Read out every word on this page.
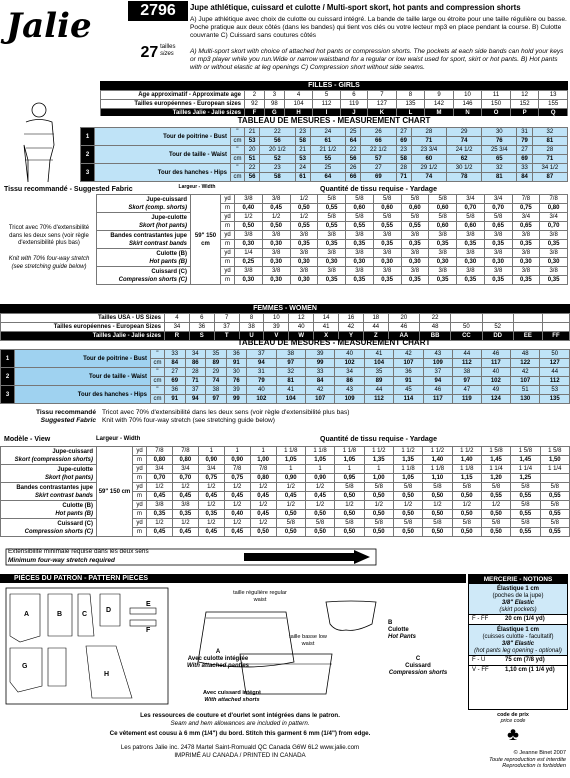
Jalie	2796
27 tailles
sizes
Jupe athlétique, cuissard et culotte / Multi-sport skort, hot pants and compression shorts
A) Jupe athlétique avec choix de culotte ou cuissard intégré. La bande de taille large ou étroite pour une taille régulière ou basse. Poche pratique aux deux côtés (dans les bandes) qui tient vos clés ou votre lecteur mp3 en place pendant la course. B) Culotte couvrante C) Cuissard sans coutures côtés
A) Multi-sport skort with choice of attached hot pants or compression shorts. The pockets at each side bands can hold your keys or mp3 player while you run.Wide or narrow waistband for a regular or low waist used for sport, skirt or hot pants. B) Hot pants with or without elastic at leg openings C) Compression short without side seams.
FILLES - GIRLS
Âge approximatif - Approximate age	2	3	4	5	6	7	8	9	10	11	12	13
Tailles européennes - European sizes	92	98	104	112	119	127	135	142	146	150	152	155
Tailles Jalie - Jalie sizes	F	G	H	I	J	K	L	M	N	O	P	Q
TABLEAU DE MESURES - MEASUREMENT CHART
1	Tour de poitrine - Bust	"	21	22	23	24	25	26	27	28	29	30	31	32
		cm	53	56	58	61	64	66	69	71	74	76	79	81
2	Tour de taille - Waist	"	20	20 1/2	21	21 1/2	22	22 1/2	23	23 3/4	24 1/2	25 3/4	27	28
		cm	51	52	53	55	56	57	58	60	62	65	69	71
3	Tour des hanches - Hips	"	22	23	24	25	26	27	28	29 1/2	30 1/2	32	33	34 1/2
		cm	56	58	61	64	66	69	71	74	78	81	84	87
Tissu recommandé - Suggested Fabric	Largeur - Width	Quantité de tissu requise - Yardage
Tricot avec 70% d'extensibilité dans les deux sens (voir règle d'extensibilité plus bas)
Knit with 70% four-way stretch (see stretching guide below)
Jupe-cuissard
Skort (comp. shorts)	59" 150 cm	yd	3/8	3/8	1/2	5/8	5/8	5/8	5/8	5/8	3/4	3/4	7/8	7/8
		m	0,40	0,45	0,50	0,55	0,60	0,60	0,60	0,60	0,70	0,70	0,75	0,80

Jupe-culotte
Skort (hot pants)		yd	1/2	1/2	1/2	5/8	5/8	5/8	5/8	5/8	5/8	5/8	3/4	3/4
		m	0,50	0,50	0,55	0,55	0,55	0,55	0,55	0,60	0,60	0,65	0,65	0,70

Bandes contrastantes jupe
Skirt contrast bands		yd	3/8	3/8	3/8	3/8	3/8	3/8	3/8	3/8	3/8	3/8	3/8	3/8
		m	0,30	0,30	0,35	0,35	0,35	0,35	0,35	0,35	0,35	0,35	0,35	0,35

Culotte (B)
Hot pants (B)		yd	1/4	3/8	3/8	3/8	3/8	3/8	3/8	3/8	3/8	3/8	3/8	3/8
		m	0,25	0,30	0,30	0,30	0,30	0,30	0,30	0,30	0,30	0,30	0,30	0,30

Cuissard (C)
Compression shorts (C)		yd	3/8	3/8	3/8	3/8	3/8	3/8	3/8	3/8	3/8	3/8	3/8	3/8
		m	0,30	0,30	0,30	0,35	0,35	0,35	0,35	0,35	0,35	0,35	0,35	0,35
FEMMES - WOMEN
Tailles USA - US Sizes	4	6	7	8	10	12	14	16	18	20	22				
Tailles européennes - European Sizes	34	36	37	38	39	40	41	42	44	46	48	50	52		
Tailles Jalie - Jalie sizes	R	S	T	U	V	W	X	Y	Z	AA	BB	CC	DD	EE	FF
TABLEAU DE MESURES - MEASUREMENT CHART
1	Tour de poitrine - Bust	"	33	34	35	36	37	38	39	40	41	42	43	44	46	48	50
		cm	84	86	89	91	94	97	99	102	104	107	109	112	117	122	127
2	Tour de taille - Waist	"	27	28	29	30	31	32	33	34	35	36	37	38	40	42	44
		cm	69	71	74	76	79	81	84	86	89	91	94	97	102	107	112
3	Tour des hanches - Hips	"	36	37	38	39	40	41	42	43	44	45	46	47	49	51	53
		cm	91	94	97	99	102	104	107	109	112	114	117	119	124	130	135
Tissu recommandé
Suggested Fabric
Tricot avec 70% d'extensibilité dans les deux sens (voir règle d'extensibilité plus bas)
Knit with 70% four-way stretch (see stretching guide below)
Modèle - View	Largeur - Width	Quantité de tissu requise - Yardage
Jupe-cuissard
Skort (compression shorts)	59" 150 cm	yd	7/8	7/8	1	1	1	1 1/8	1 1/8	1 1/8	1 1/2	1 1/2	1 1/2	1 1/2	1 5/8	1 5/8	1 5/8
		m	0,80	0,80	0,90	0,90	1,00	1,05	1,05	1,05	1,35	1,35	1,40	1,40	1,45	1,45	1,50

Jupe-culotte
Skort (hot pants)		yd	3/4	3/4	3/4	7/8	7/8	1	1	1	1	1 1/8	1 1/8	1 1/8	1 1/4	1 1/4	1 1/4
		m	0,70	0,70	0,75	0,75	0,80	0,90	0,90	0,95	1,00	1,05	1,10	1,15	1,20	1,25	

Bandes contrastantes jupe
Skirt contrast bands		yd	1/2	1/2	1/2	1/2	1/2	1/2	1/2	5/8	5/8	5/8	5/8	5/8	5/8	5/8	5/8
		m	0,45	0,45	0,45	0,45	0,45	0,45	0,45	0,50	0,50	0,50	0,50	0,50	0,55	0,55	0,55

Culotte (B)
Hot pants (B)		yd	3/8	3/8	1/2	1/2	1/2	1/2	1/2	1/2	1/2	1/2	1/2	1/2	1/2	5/8	5/8
		m	0,35	0,35	0,35	0,40	0,45	0,50	0,50	0,50	0,50	0,50	0,50	0,50	0,50	0,55	0,55

Cuissard (C)
Compression shorts (C)		yd	1/2	1/2	1/2	1/2	1/2	5/8	5/8	5/8	5/8	5/8	5/8	5/8	5/8	5/8	5/8
		m	0,45	0,45	0,45	0,45	0,50	0,50	0,50	0,50	0,50	0,50	0,50	0,50	0,50	0,55	0,55
Extensibilité minimale requise dans les deux sens
Minimum four-way stretch required
PIÈCES DU PATRON - PATTERN PIECES
A	B	C
D
E
F
G
H
taille régulière regular waist
taille basse low waist
A
Avec culotte intégrée
With attached panties
Avec cuissard intégré
With attached shorts
B
Culotte
Hot Pants
C
Cuissard
Compression shorts
MERCERIE - NOTIONS
Élastique 1 cm
(poches de la jupe)
3/8" Elastic
(skirt pockets)
F - FF	20 cm (1/4 yd)
Élastique 1 cm
(cuisses culotte - facultatif)
3/8" Elastic
(hot pants leg opening - optional)
F - U	75 cm (7/8 yd)
V - FF	1,10 cm (1 1/4 yd)
Les ressources de couture et d'ourlet sont intégrées dans le patron.
Seam and hem allowances are included in pattern.
Ce vêtement est cousu à 6 mm (1/4") du bord. Stitch this garment 6 mm (1/4") from edge.
Les patrons Jalie inc. 2478 Martel Saint-Romuald QC Canada G6W 6L2 www.jalie.com
IMPRIMÉ AU CANADA / PRINTED IN CANADA
code de prix
price code
♣
© Jeanne Binet 2007
Toute reproduction est interdite
Reproduction is forbidden
